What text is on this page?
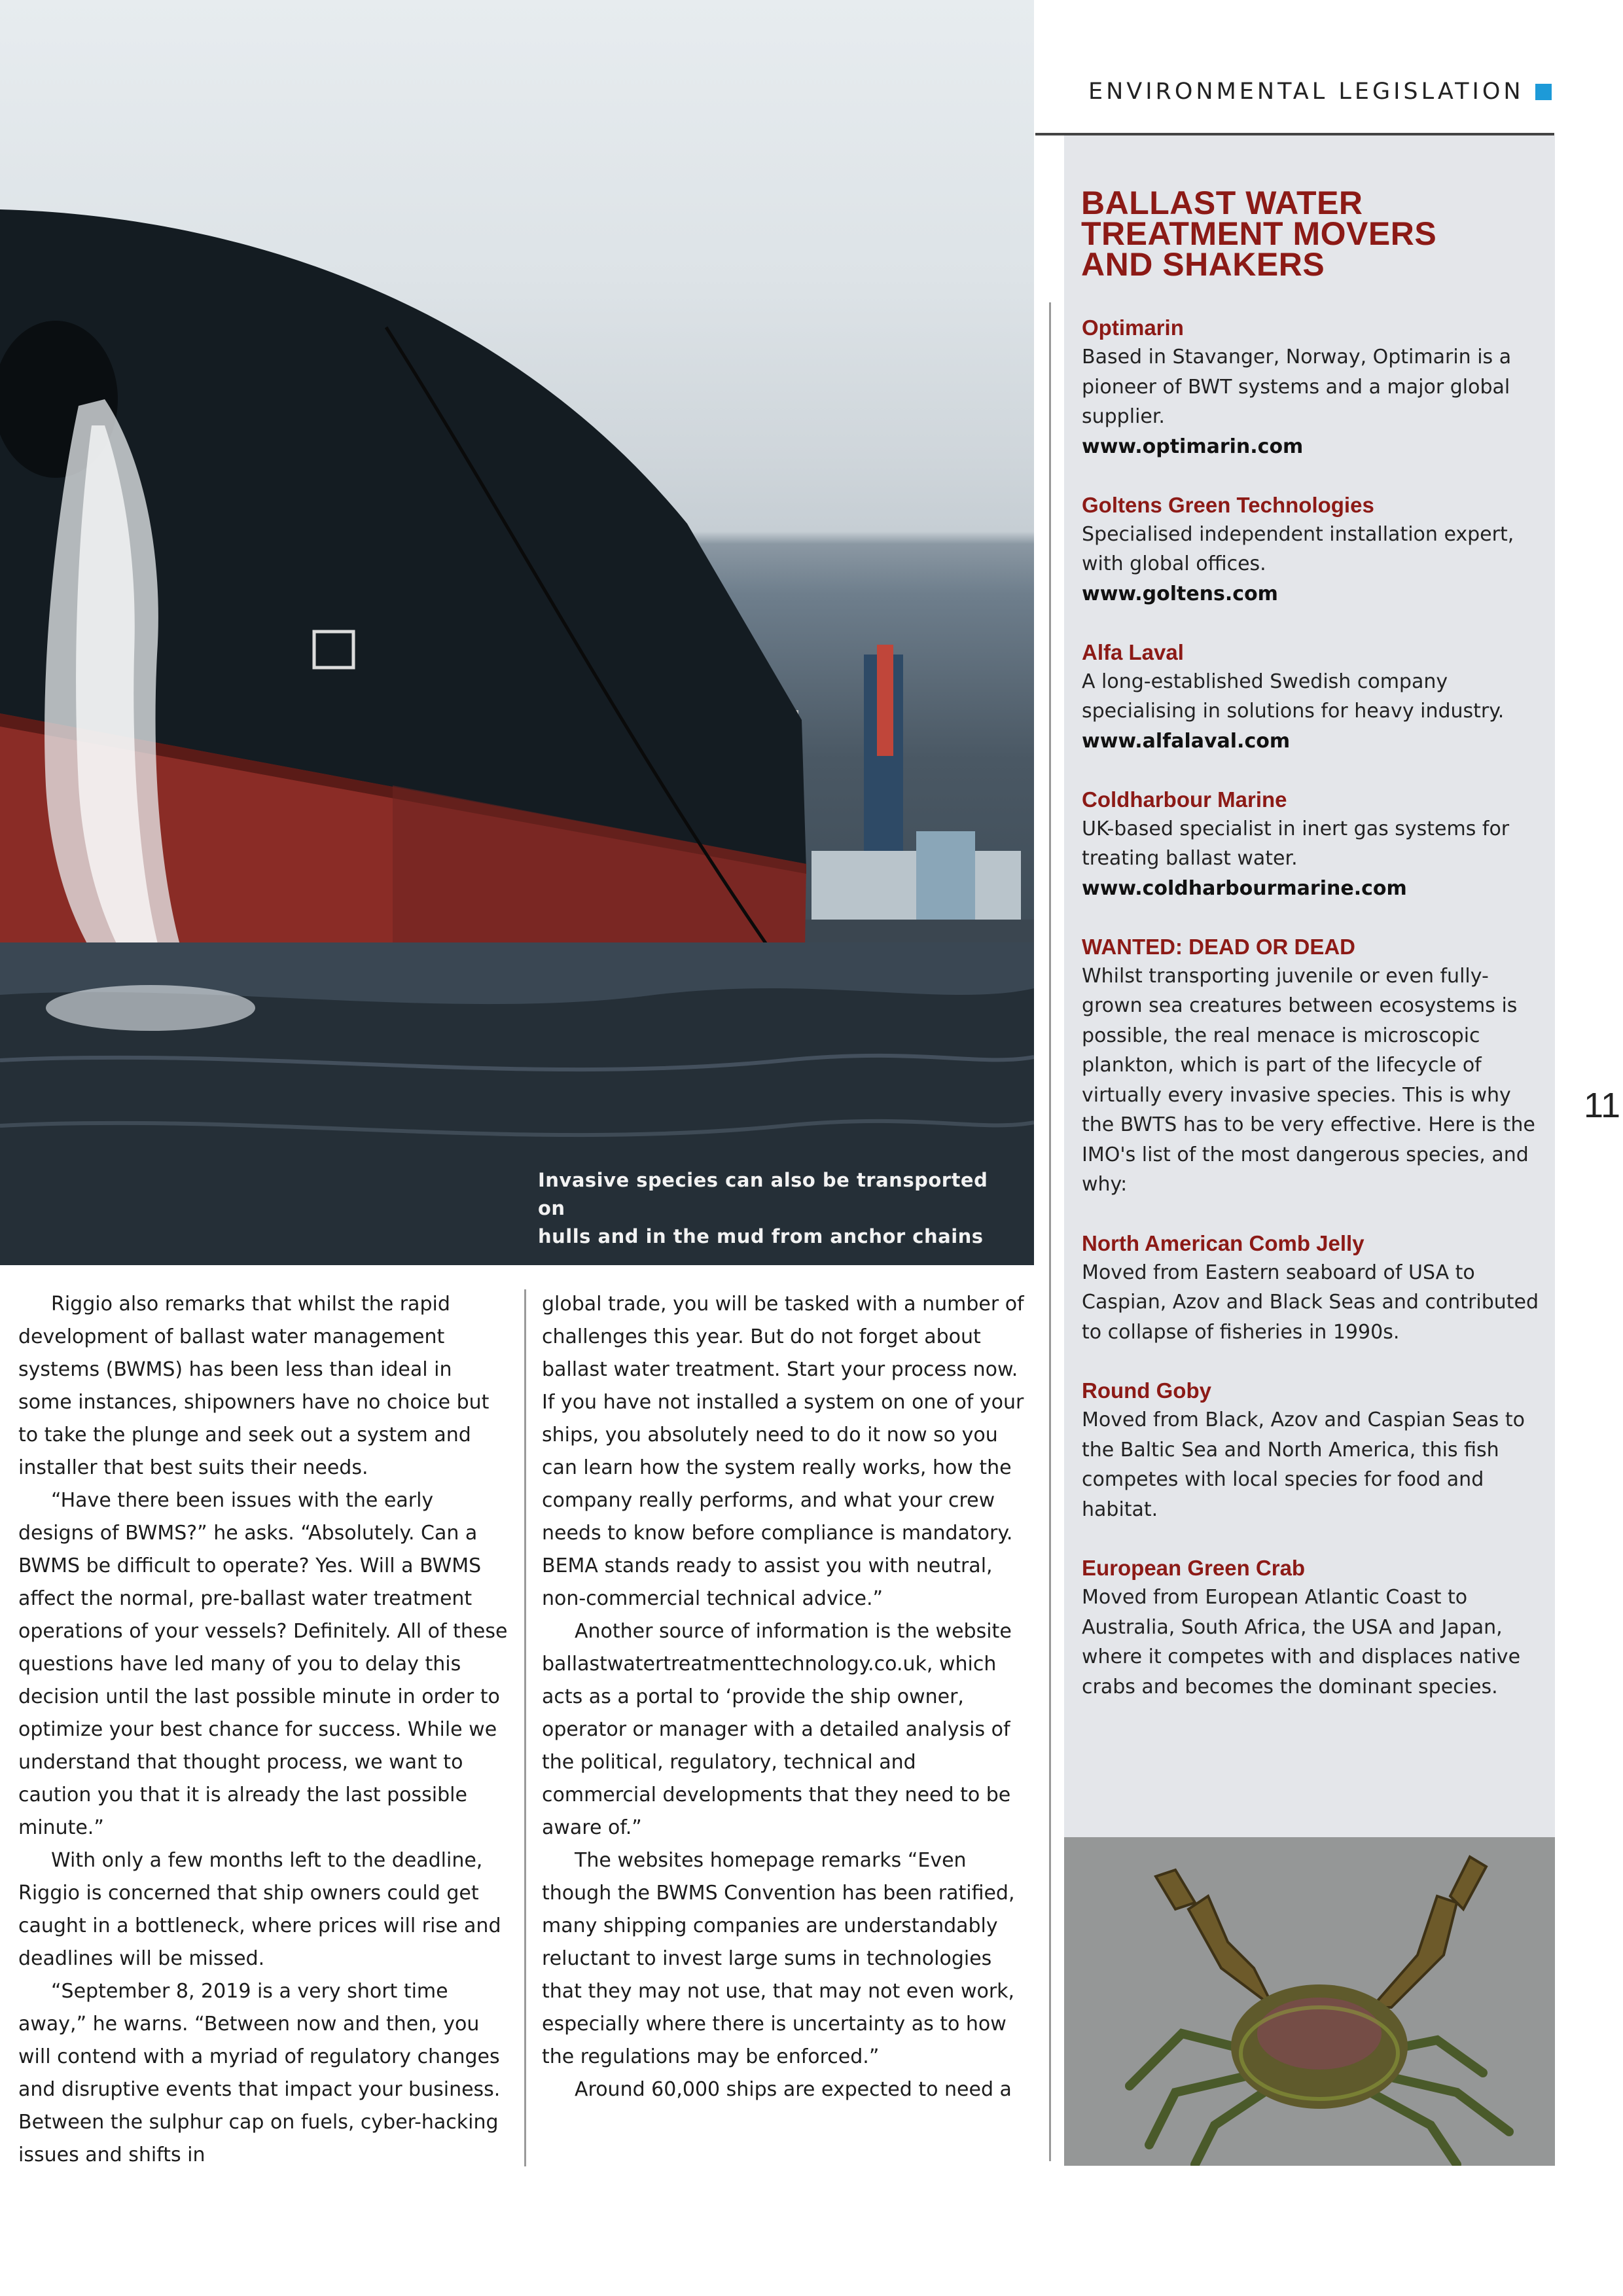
Invasive species can also be transported on
hulls and in the mud from anchor chains
ENVIRONMENTAL LEGISLATION
11
BALLAST WATER
TREATMENT MOVERS
AND SHAKERS
Optimarin

Based in Stavanger, Norway, Optimarin is a pioneer of BWT systems and a major global supplier.

www.optimarin.com
Goltens Green Technologies

Specialised independent installation expert, with global offices.

www.goltens.com
Alfa Laval

A long-established Swedish company specialising in solutions for heavy industry.

www.alfalaval.com
Coldharbour Marine

UK-based specialist in inert gas systems for treating ballast water.

www.coldharbourmarine.com
WANTED: DEAD OR DEAD

Whilst transporting juvenile or even fully-grown sea creatures between ecosystems is possible, the real menace is microscopic plankton, which is part of the lifecycle of virtually every invasive species. This is why the BWTS has to be very effective. Here is the IMO's list of the most dangerous species, and why:

North American Comb Jelly

Moved from Eastern seaboard of USA to Caspian, Azov and Black Seas and contributed to collapse of fisheries in 1990s.

Round Goby

Moved from Black, Azov and Caspian Seas to the Baltic Sea and North America, this fish competes with local species for food and habitat.

European Green Crab

Moved from European Atlantic Coast to Australia, South Africa, the USA and Japan, where it competes with and displaces native crabs and becomes the dominant species.

Riggio also remarks that whilst the rapid development of ballast water management systems (BWMS) has been less than ideal in some instances, shipowners have no choice but to take the plunge and seek out a system and installer that best suits their needs.

“Have there been issues with the early designs of BWMS?” he asks. “Absolutely. Can a BWMS be difficult to operate? Yes. Will a BWMS affect the normal, pre-ballast water treatment operations of your vessels? Definitely. All of these questions have led many of you to delay this decision until the last possible minute in order to optimize your best chance for success. While we understand that thought process, we want to caution you that it is already the last possible minute.”

With only a few months left to the deadline, Riggio is concerned that ship owners could get caught in a bottleneck, where prices will rise and deadlines will be missed.

“September 8, 2019 is a very short time away,” he warns. “Between now and then, you will contend with a myriad of regulatory changes and disruptive events that impact your business. Between the sulphur cap on fuels, cyber-hacking issues and shifts in

global trade, you will be tasked with a number of challenges this year. But do not forget about ballast water treatment. Start your process now. If you have not installed a system on one of your ships, you absolutely need to do it now so you can learn how the system really works, how the company really performs, and what your crew needs to know before compliance is mandatory. BEMA stands ready to assist you with neutral, non-commercial technical advice.”

Another source of information is the website ballastwatertreatmenttechnology.co.uk, which acts as a portal to ‘provide the ship owner, operator or manager with a detailed analysis of the political, regulatory, technical and commercial developments that they need to be aware of.”

The websites homepage remarks “Even though the BWMS Convention has been ratified, many shipping companies are understandably reluctant to invest large sums in technologies that they may not use, that may not even work, especially where there is uncertainty as to how the regulations may be enforced.”

Around 60,000 ships are expected to need a
